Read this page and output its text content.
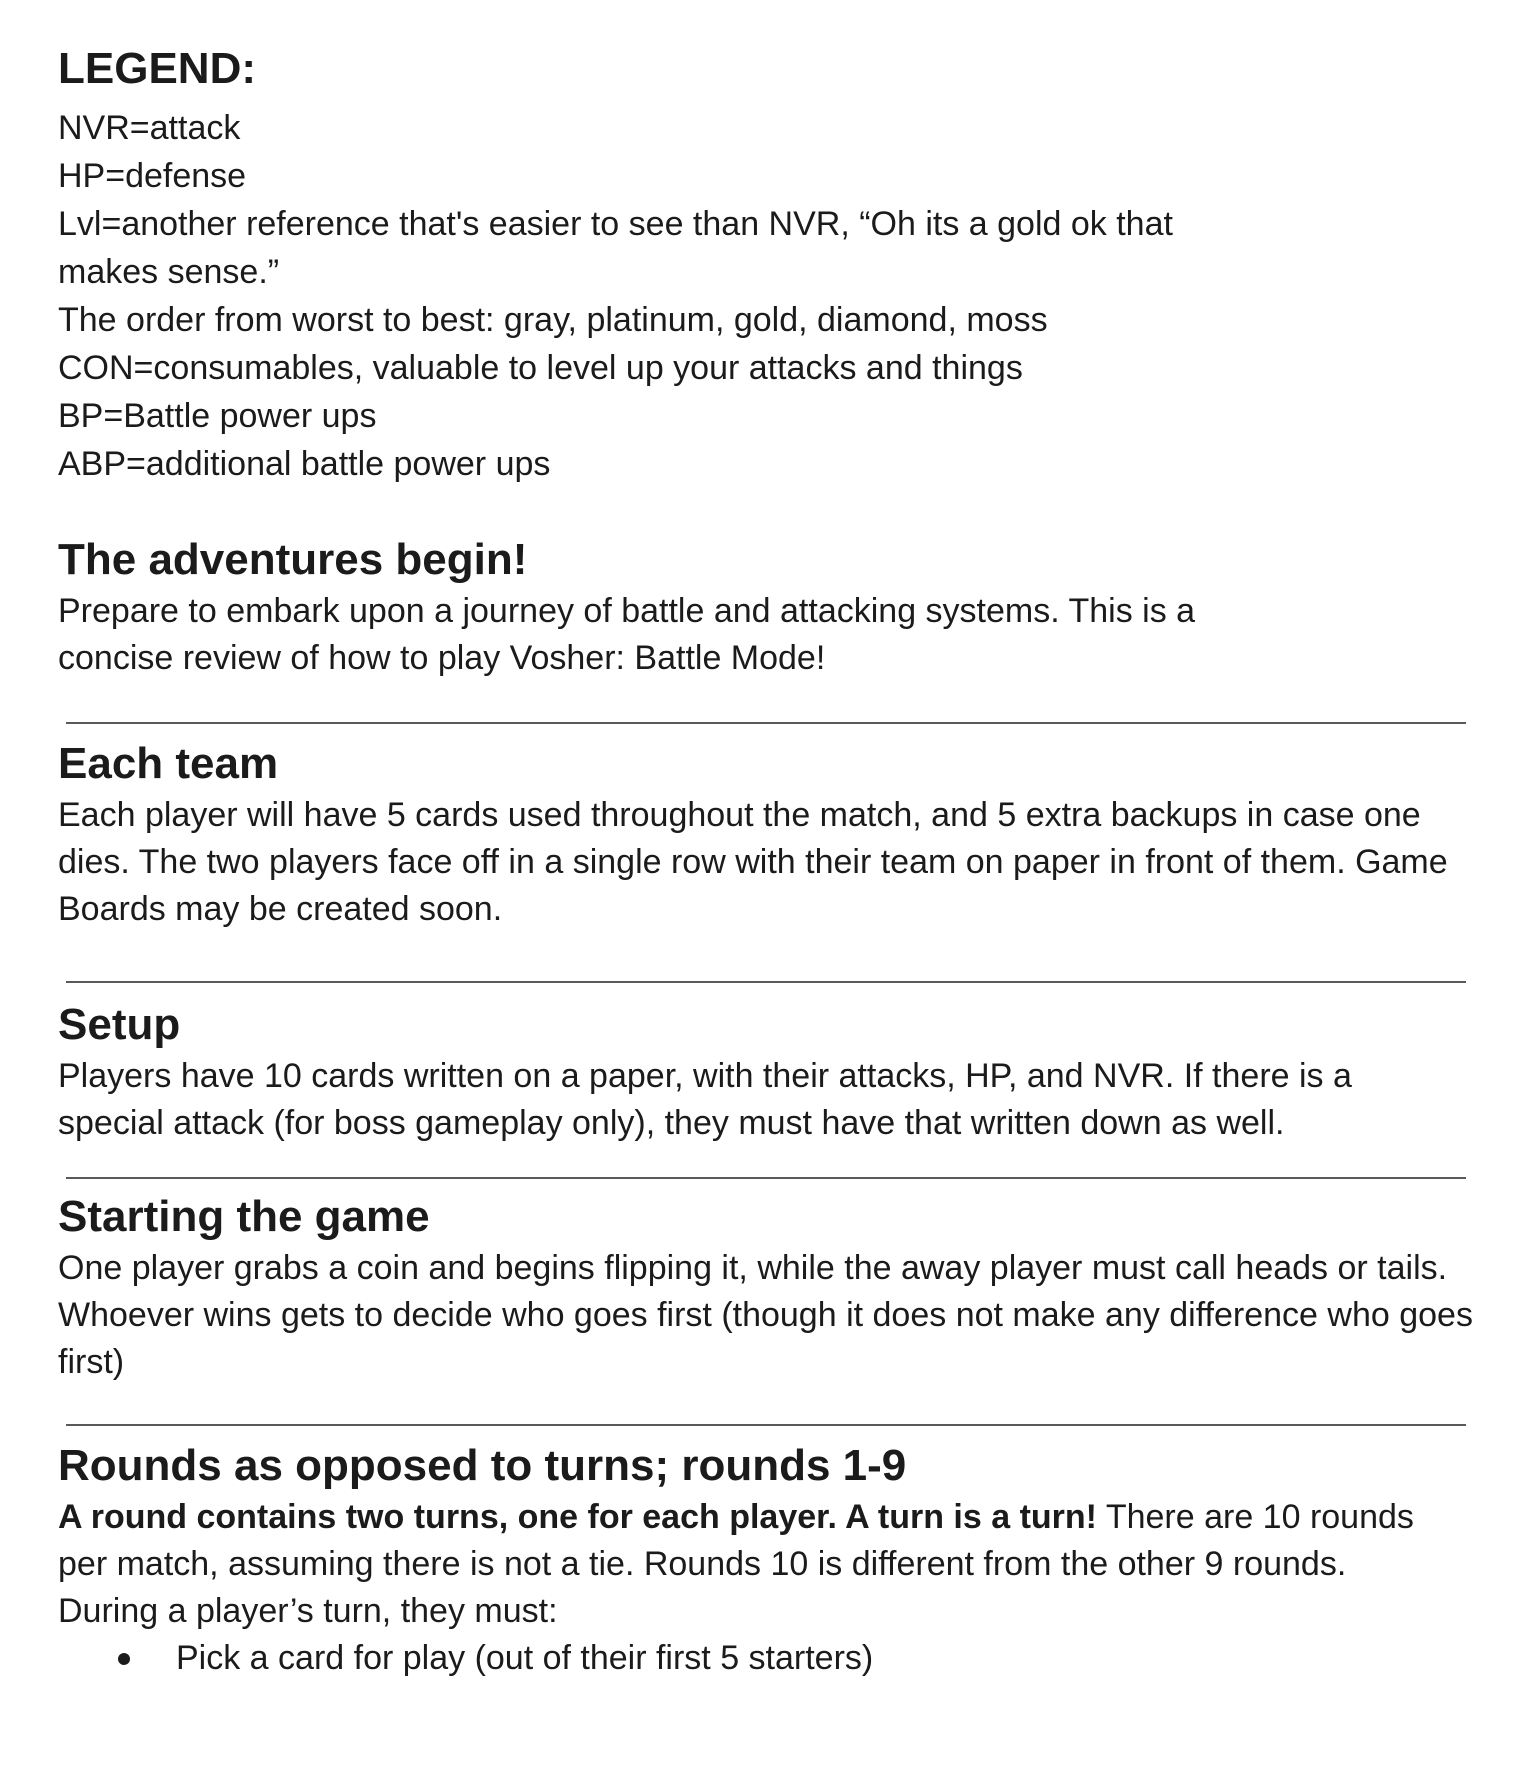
LEGEND:

NVR=attack

HP=defense

Lvl=another reference that's easier to see than NVR, “Oh its a gold ok that makes sense.”

The order from worst to best: gray, platinum, gold, diamond, moss

CON=consumables, valuable to level up your attacks and things

BP=Battle power ups

ABP=additional battle power ups

The adventures begin!

Prepare to embark upon a journey of battle and attacking systems. This is a concise review of how to play Vosher: Battle Mode!

Each team

Each player will have 5 cards used throughout the match, and 5 extra backups in case one dies. The two players face off in a single row with their team on paper in front of them. Game Boards may be created soon.

Setup

Players have 10 cards written on a paper, with their attacks, HP, and NVR. If there is a special attack (for boss gameplay only), they must have that written down as well.

Starting the game

One player grabs a coin and begins flipping it, while the away player must call heads or tails. Whoever wins gets to decide who goes first (though it does not make any difference who goes first)

Rounds as opposed to turns; rounds 1-9

A round contains two turns, one for each player. A turn is a turn! There are 10 rounds per match, assuming there is not a tie. Rounds 10 is different from the other 9 rounds.

During a player’s turn, they must:

Pick a card for play (out of their first 5 starters)
